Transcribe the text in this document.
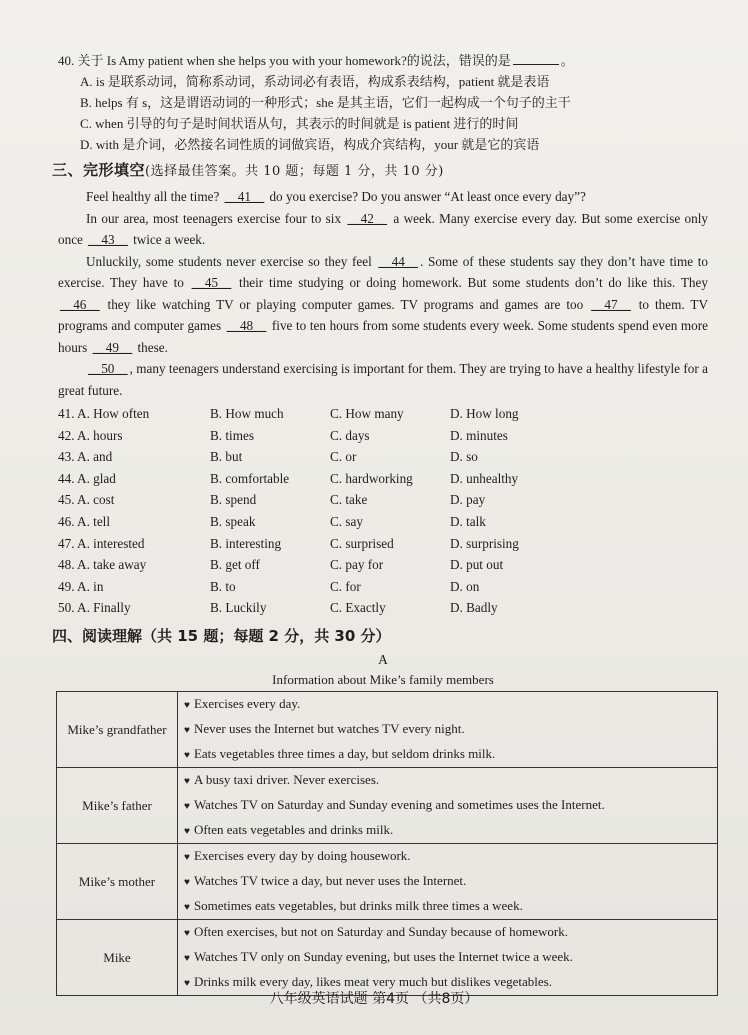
40. 关于 Is Amy patient when she helps you with your homework?的说法，错误的是	。

A. is 是联系动词，简称系动词，系动词必有表语，构成系表结构，patient 就是表语

B. helps 有 s，这是谓语动词的一种形式；she 是其主语，它们一起构成一个句子的主干

C. when 引导的句子是时间状语从句，其表示的时间就是 is patient 进行的时间

D. with 是介词，必然接名词性质的词做宾语，构成介宾结构，your 就是它的宾语

三、完形填空(选择最佳答案。共 10 题；每题 1 分，共 10 分)

Feel healthy all the time? __41__ do you exercise? Do you answer “At least once every day”?

In our area, most teenagers exercise four to six __42__ a week. Many exercise every day. But some exercise only once __43__ twice a week.

Unluckily, some students never exercise so they feel __44__ . Some of these students say they don’t have time to exercise. They have to __45__ their time studying or doing homework. But some students don’t do like this. They __46__ they like watching TV or playing computer games. TV programs and games are too __47__ to them. TV programs and computer games __48__ five to ten hours from some students every week. Some students spend even more hours __49__ these.

__50__ , many teenagers understand exercising is important for them. They are trying to have a healthy lifestyle for a great future.

41. A. How often	B. How much	C. How many	D. How long
42. A. hours	B. times	C. days	D. minutes
43. A. and	B. but	C. or	D. so
44. A. glad	B. comfortable	C. hardworking	D. unhealthy
45. A. cost	B. spend	C. take	D. pay
46. A. tell	B. speak	C. say	D. talk
47. A. interested	B. interesting	C. surprised	D. surprising
48. A. take away	B. get off	C. pay for	D. put out
49. A. in	B. to	C. for	D. on
50. A. Finally	B. Luckily	C. Exactly	D. Badly
四、阅读理解（共 15 题；每题 2 分，共 30 分）
A
Information about Mike’s family members
Mike’s grandfather	♥ Exercises every day.
♥ Never uses the Internet but watches TV every night.
♥ Eats vegetables three times a day, but seldom drinks milk.

Mike’s father	♥ A busy taxi driver. Never exercises.
♥ Watches TV on Saturday and Sunday evening and sometimes uses the Internet.
♥ Often eats vegetables and drinks milk.

Mike’s mother	♥ Exercises every day by doing housework.
♥ Watches TV twice a day, but never uses the Internet.
♥ Sometimes eats vegetables, but drinks milk three times a week.

Mike	♥ Often exercises, but not on Saturday and Sunday because of homework.
♥ Watches TV only on Sunday evening, but uses the Internet twice a week.
♥ Drinks milk every day, likes meat very much but dislikes vegetables.
八年级英语试题 第4页 （共8页）
